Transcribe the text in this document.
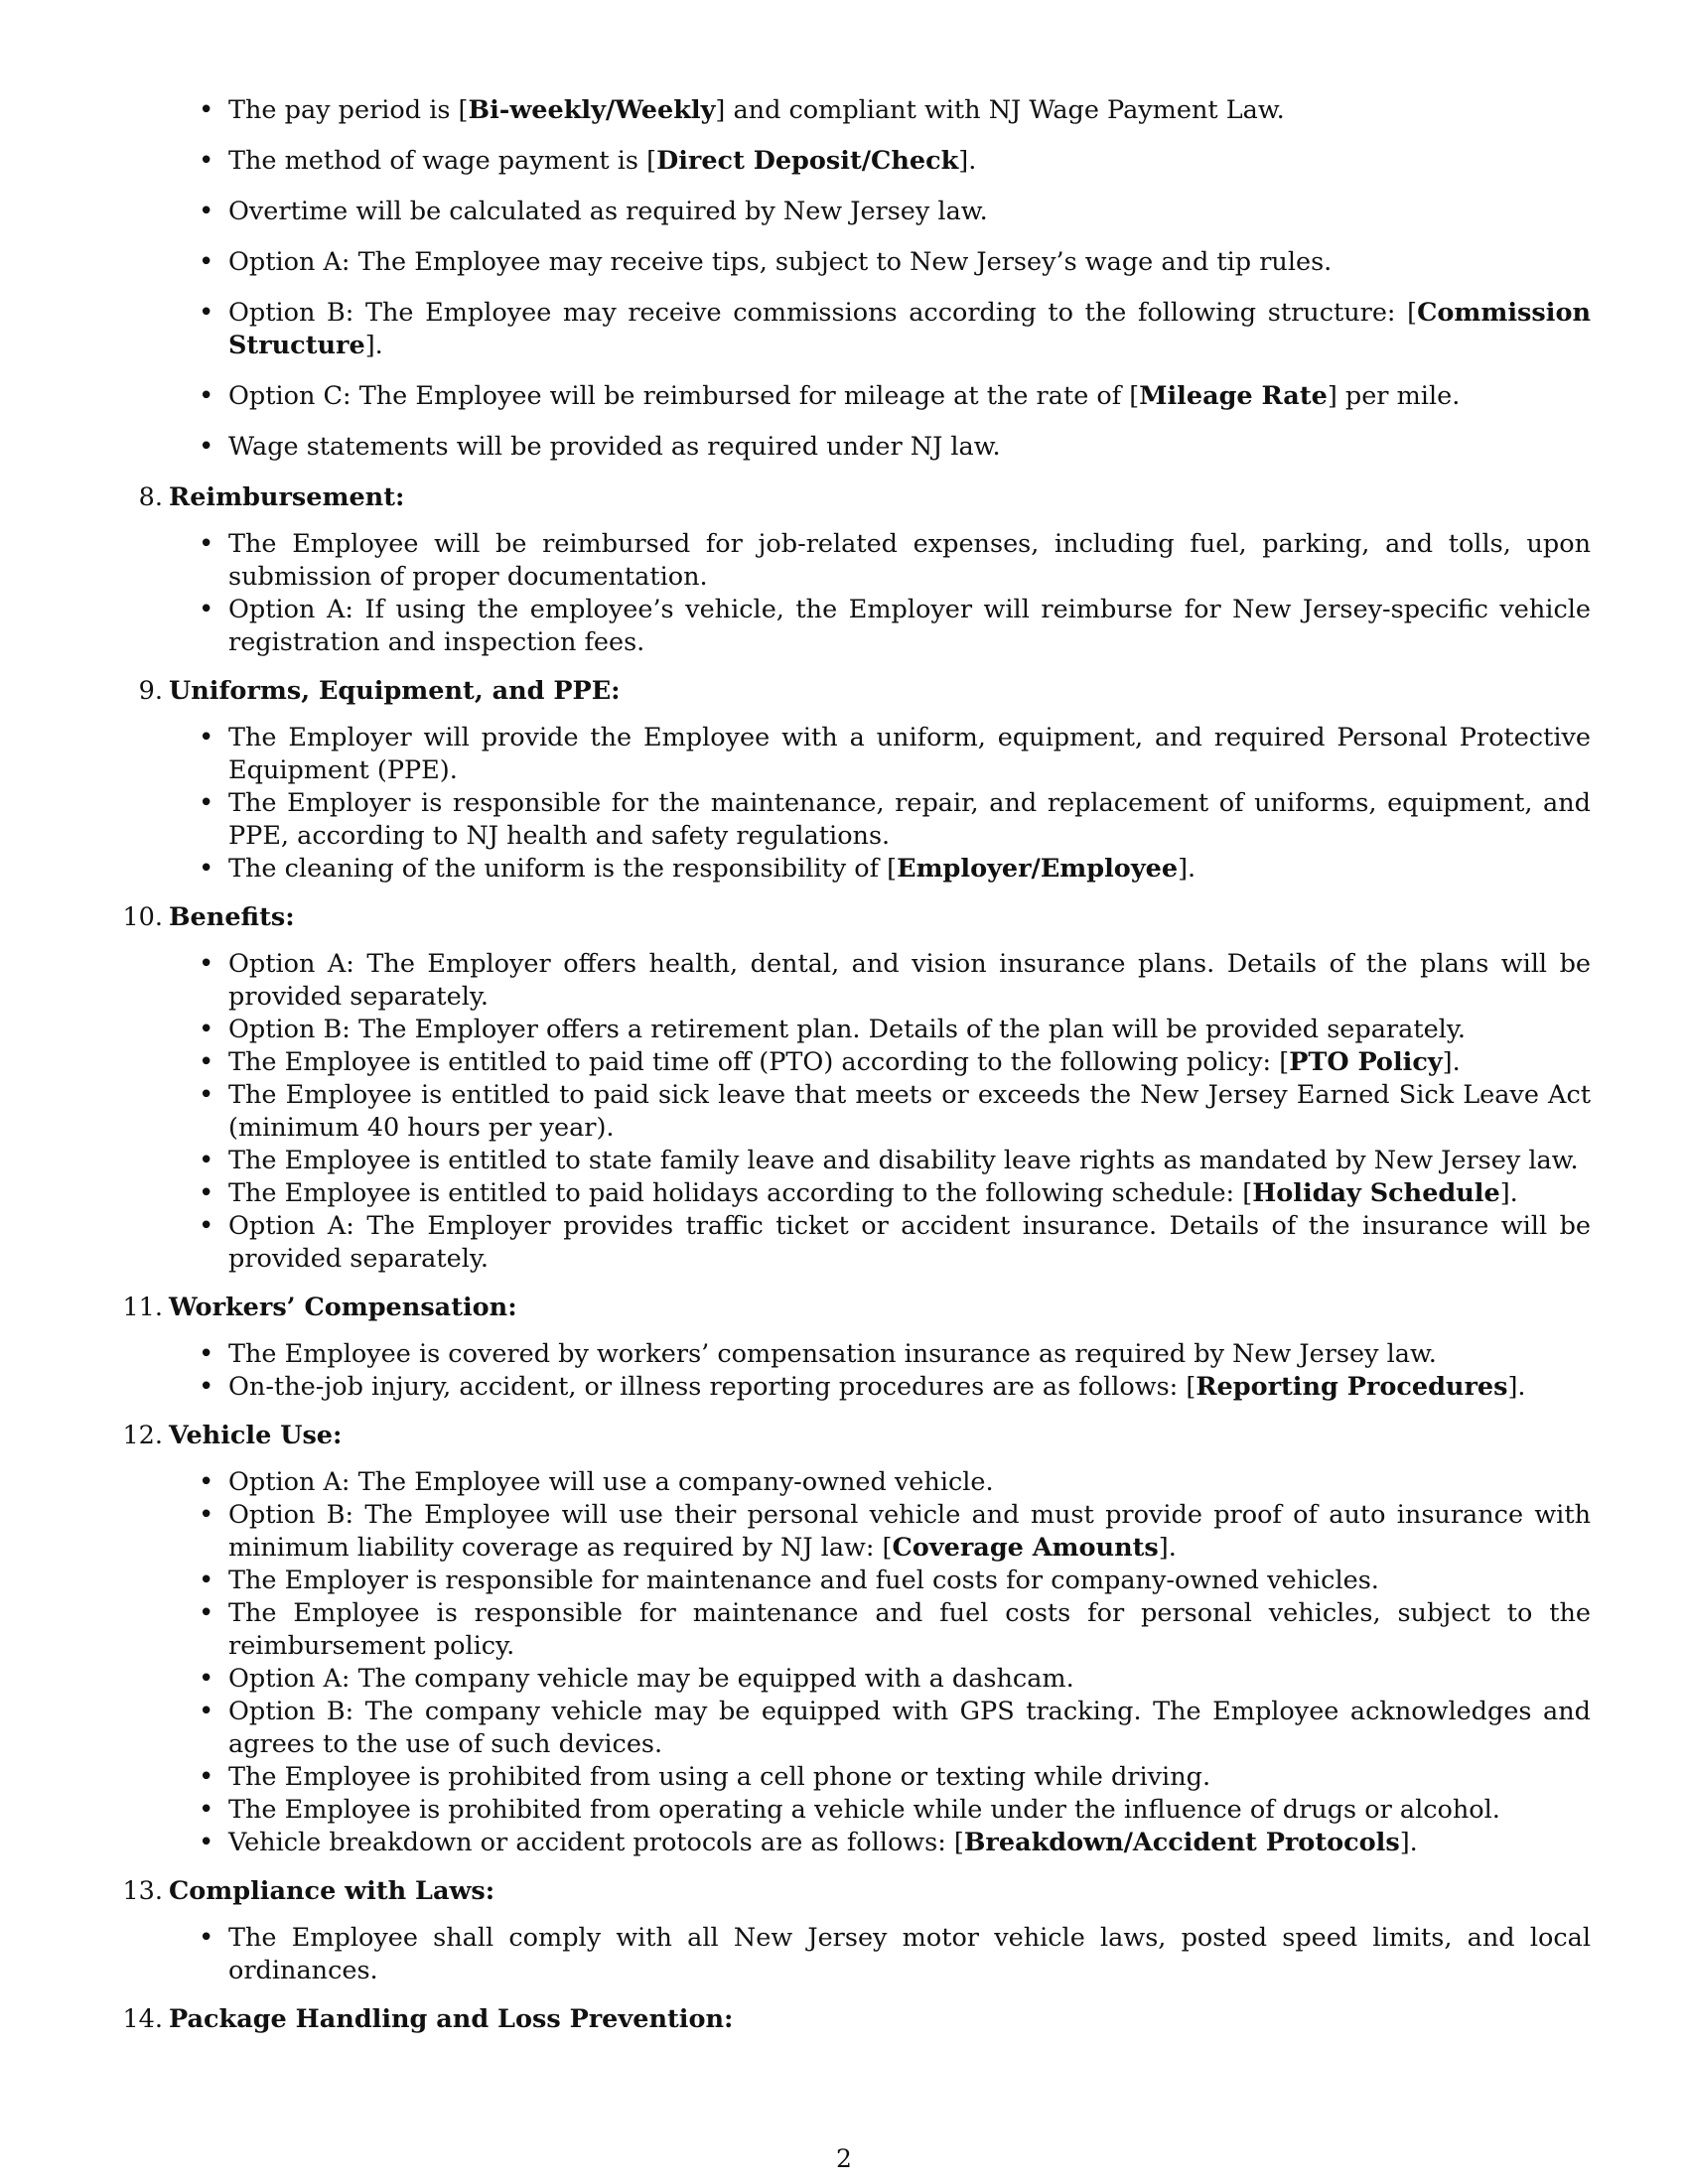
• The pay period is [Bi-weekly/Weekly] and compliant with NJ Wage Payment Law.
• The method of wage payment is [Direct Deposit/Check].
• Overtime will be calculated as required by New Jersey law.
• Option A: The Employee may receive tips, subject to New Jersey’s wage and tip rules.
• Option B: The Employee may receive commissions according to the following structure: [Commission Structure].
• Option C: The Employee will be reimbursed for mileage at the rate of [Mileage Rate] per mile.
• Wage statements will be provided as required under NJ law.
8. Reimbursement:
• The Employee will be reimbursed for job-related expenses, including fuel, parking, and tolls, upon submission of proper documentation.
• Option A: If using the employee’s vehicle, the Employer will reimburse for New Jersey-specific vehicle registration and inspection fees.
9. Uniforms, Equipment, and PPE:
• The Employer will provide the Employee with a uniform, equipment, and required Personal Protective Equipment (PPE).
• The Employer is responsible for the maintenance, repair, and replacement of uniforms, equipment, and PPE, according to NJ health and safety regulations.
• The cleaning of the uniform is the responsibility of [Employer/Employee].
10. Benefits:
• Option A: The Employer offers health, dental, and vision insurance plans. Details of the plans will be provided separately.
• Option B: The Employer offers a retirement plan. Details of the plan will be provided separately.
• The Employee is entitled to paid time off (PTO) according to the following policy: [PTO Policy].
• The Employee is entitled to paid sick leave that meets or exceeds the New Jersey Earned Sick Leave Act (minimum 40 hours per year).
• The Employee is entitled to state family leave and disability leave rights as mandated by New Jersey law.
• The Employee is entitled to paid holidays according to the following schedule: [Holiday Schedule].
• Option A: The Employer provides traffic ticket or accident insurance. Details of the insurance will be provided separately.
11. Workers’ Compensation:
• The Employee is covered by workers’ compensation insurance as required by New Jersey law.
• On-the-job injury, accident, or illness reporting procedures are as follows: [Reporting Procedures].
12. Vehicle Use:
• Option A: The Employee will use a company-owned vehicle.
• Option B: The Employee will use their personal vehicle and must provide proof of auto insurance with minimum liability coverage as required by NJ law: [Coverage Amounts].
• The Employer is responsible for maintenance and fuel costs for company-owned vehicles.
• The Employee is responsible for maintenance and fuel costs for personal vehicles, subject to the reimbursement policy.
• Option A: The company vehicle may be equipped with a dashcam.
• Option B: The company vehicle may be equipped with GPS tracking. The Employee acknowledges and agrees to the use of such devices.
• The Employee is prohibited from using a cell phone or texting while driving.
• The Employee is prohibited from operating a vehicle while under the influence of drugs or alcohol.
• Vehicle breakdown or accident protocols are as follows: [Breakdown/Accident Protocols].
13. Compliance with Laws:
• The Employee shall comply with all New Jersey motor vehicle laws, posted speed limits, and local ordinances.
14. Package Handling and Loss Prevention:
2
